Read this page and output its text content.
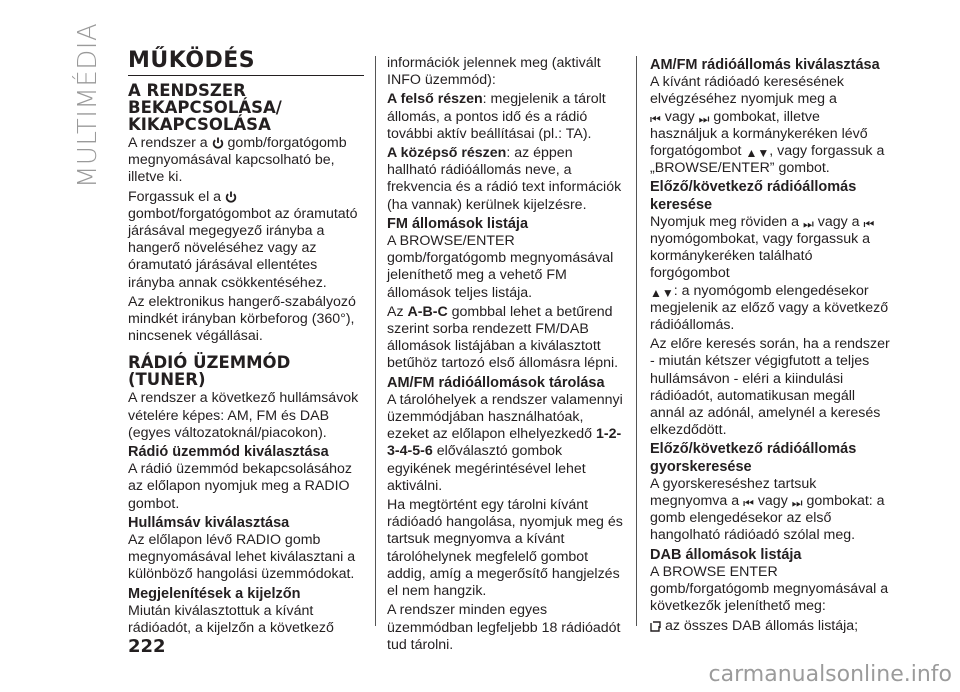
MULTIMÉDIA MŰKÖDÉS
A RENDSZER
BEKAPCSOLÁSA/
KIKAPCSOLÁSA

A rendszer a  gomb/forgatógomb megnyomásával kapcsolható be, illetve ki.

Forgassuk el a  gombot/forgatógombot az óramutató járásával megegyező irányba a hangerő növeléséhez vagy az óramutató járásával ellentétes irányba annak csökkentéséhez.

Az elektronikus hangerő-szabályozó mindkét irányban körbeforog (360°), nincsenek végállásai.

RÁDIÓ ÜZEMMÓD
(TUNER)

A rendszer a következő hullámsávok vételére képes: AM, FM és DAB (egyes változatoknál/piacokon).

Rádió üzemmód kiválasztása

A rádió üzemmód bekapcsolásához az előlapon nyomjuk meg a RADIO gombot.

Hullámsáv kiválasztása

Az előlapon lévő RADIO gomb megnyomásával lehet kiválasztani a különböző hangolási üzemmódokat.

Megjelenítések a kijelzőn

Miután kiválasztottuk a kívánt rádióadót, a kijelzőn a következő

információk jelennek meg (aktivált INFO üzemmód):

A felső részen: megjelenik a tárolt állomás, a pontos idő és a rádió további aktív beállításai (pl.: TA).

A középső részen: az éppen hallható rádióállomás neve, a frekvencia és a rádió text információk (ha vannak) kerülnek kijelzésre.

FM állomások listája

A BROWSE/ENTER gomb/forgatógomb megnyomásával jeleníthető meg a vehető FM állomások teljes listája.

Az A-B-C gombbal lehet a betűrend szerint sorba rendezett FM/DAB állomások listájában a kiválasztott betűhöz tartozó első állomásra lépni.

AM/FM rádióállomások tárolása

A tárolóhelyek a rendszer valamennyi üzemmódjában használhatóak, ezeket az előlapon elhelyezkedő 1-2-3-4-5-6 előválasztó gombok egyikének megérintésével lehet aktiválni.

Ha megtörtént egy tárolni kívánt rádióadó hangolása, nyomjuk meg és tartsuk megnyomva a kívánt tárolóhelynek megfelelő gombot addig, amíg a megerősítő hangjelzés el nem hangzik.

A rendszer minden egyes üzemmódban legfeljebb 18 rádióadót tud tárolni.

AM/FM rádióállomás kiválasztása

A kívánt rádióadó keresésének elvégzéséhez nyomjuk meg a
⏮ vagy ⏭ gombokat, illetve használjuk a kormánykeréken lévő forgatógombot ▲▼, vagy forgassuk a „BROWSE/ENTER” gombot.

Előző/következő rádióállomás keresése

Nyomjuk meg röviden a ⏭ vagy a ⏮ nyomógombokat, vagy forgassuk a kormánykeréken található forgógombot
▲▼: a nyomógomb elengedésekor megjelenik az előző vagy a következő rádióállomás.

Az előre keresés során, ha a rendszer - miután kétszer végigfutott a teljes hullámsávon - eléri a kiindulási rádióadót, automatikusan megáll annál az adónál, amelynél a keresés elkezdődött.

Előző/következő rádióállomás gyorskeresése

A gyorskereséshez tartsuk megnyomva a ⏮ vagy ⏭ gombokat: a gomb elengedésekor az első hangolható rádióadó szólal meg.

DAB állomások listája

A BROWSE ENTER gomb/forgatógomb megnyomásával a következők jeleníthető meg:

az összes DAB állomás listája;

222
carmanualsonline.info
